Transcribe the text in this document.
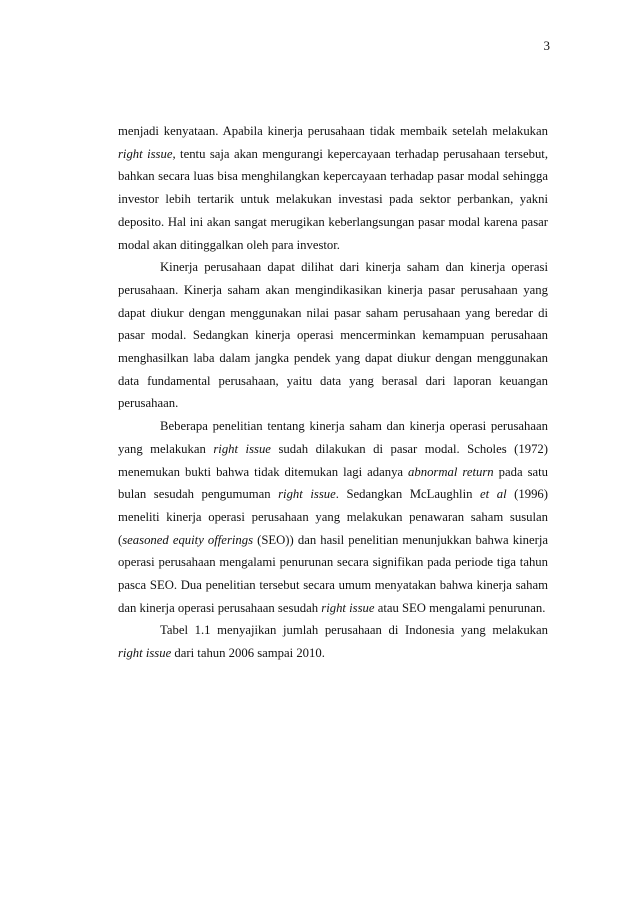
3

menjadi kenyataan. Apabila kinerja perusahaan tidak membaik setelah melakukan right issue, tentu saja akan mengurangi kepercayaan terhadap perusahaan tersebut, bahkan secara luas bisa menghilangkan kepercayaan terhadap pasar modal sehingga investor lebih tertarik untuk melakukan investasi pada sektor perbankan, yakni deposito. Hal ini akan sangat merugikan keberlangsungan pasar modal karena pasar modal akan ditinggalkan oleh para investor.

Kinerja perusahaan dapat dilihat dari kinerja saham dan kinerja operasi perusahaan. Kinerja saham akan mengindikasikan kinerja pasar perusahaan yang dapat diukur dengan menggunakan nilai pasar saham perusahaan yang beredar di pasar modal. Sedangkan kinerja operasi mencerminkan kemampuan perusahaan menghasilkan laba dalam jangka pendek yang dapat diukur dengan menggunakan data fundamental perusahaan, yaitu data yang berasal dari laporan keuangan perusahaan.

Beberapa penelitian tentang kinerja saham dan kinerja operasi perusahaan yang melakukan right issue sudah dilakukan di pasar modal. Scholes (1972) menemukan bukti bahwa tidak ditemukan lagi adanya abnormal return pada satu bulan sesudah pengumuman right issue. Sedangkan McLaughlin et al (1996) meneliti kinerja operasi perusahaan yang melakukan penawaran saham susulan (seasoned equity offerings (SEO)) dan hasil penelitian menunjukkan bahwa kinerja operasi perusahaan mengalami penurunan secara signifikan pada periode tiga tahun pasca SEO. Dua penelitian tersebut secara umum menyatakan bahwa kinerja saham dan kinerja operasi perusahaan sesudah right issue atau SEO mengalami penurunan.

Tabel 1.1 menyajikan jumlah perusahaan di Indonesia yang melakukan right issue dari tahun 2006 sampai 2010.
